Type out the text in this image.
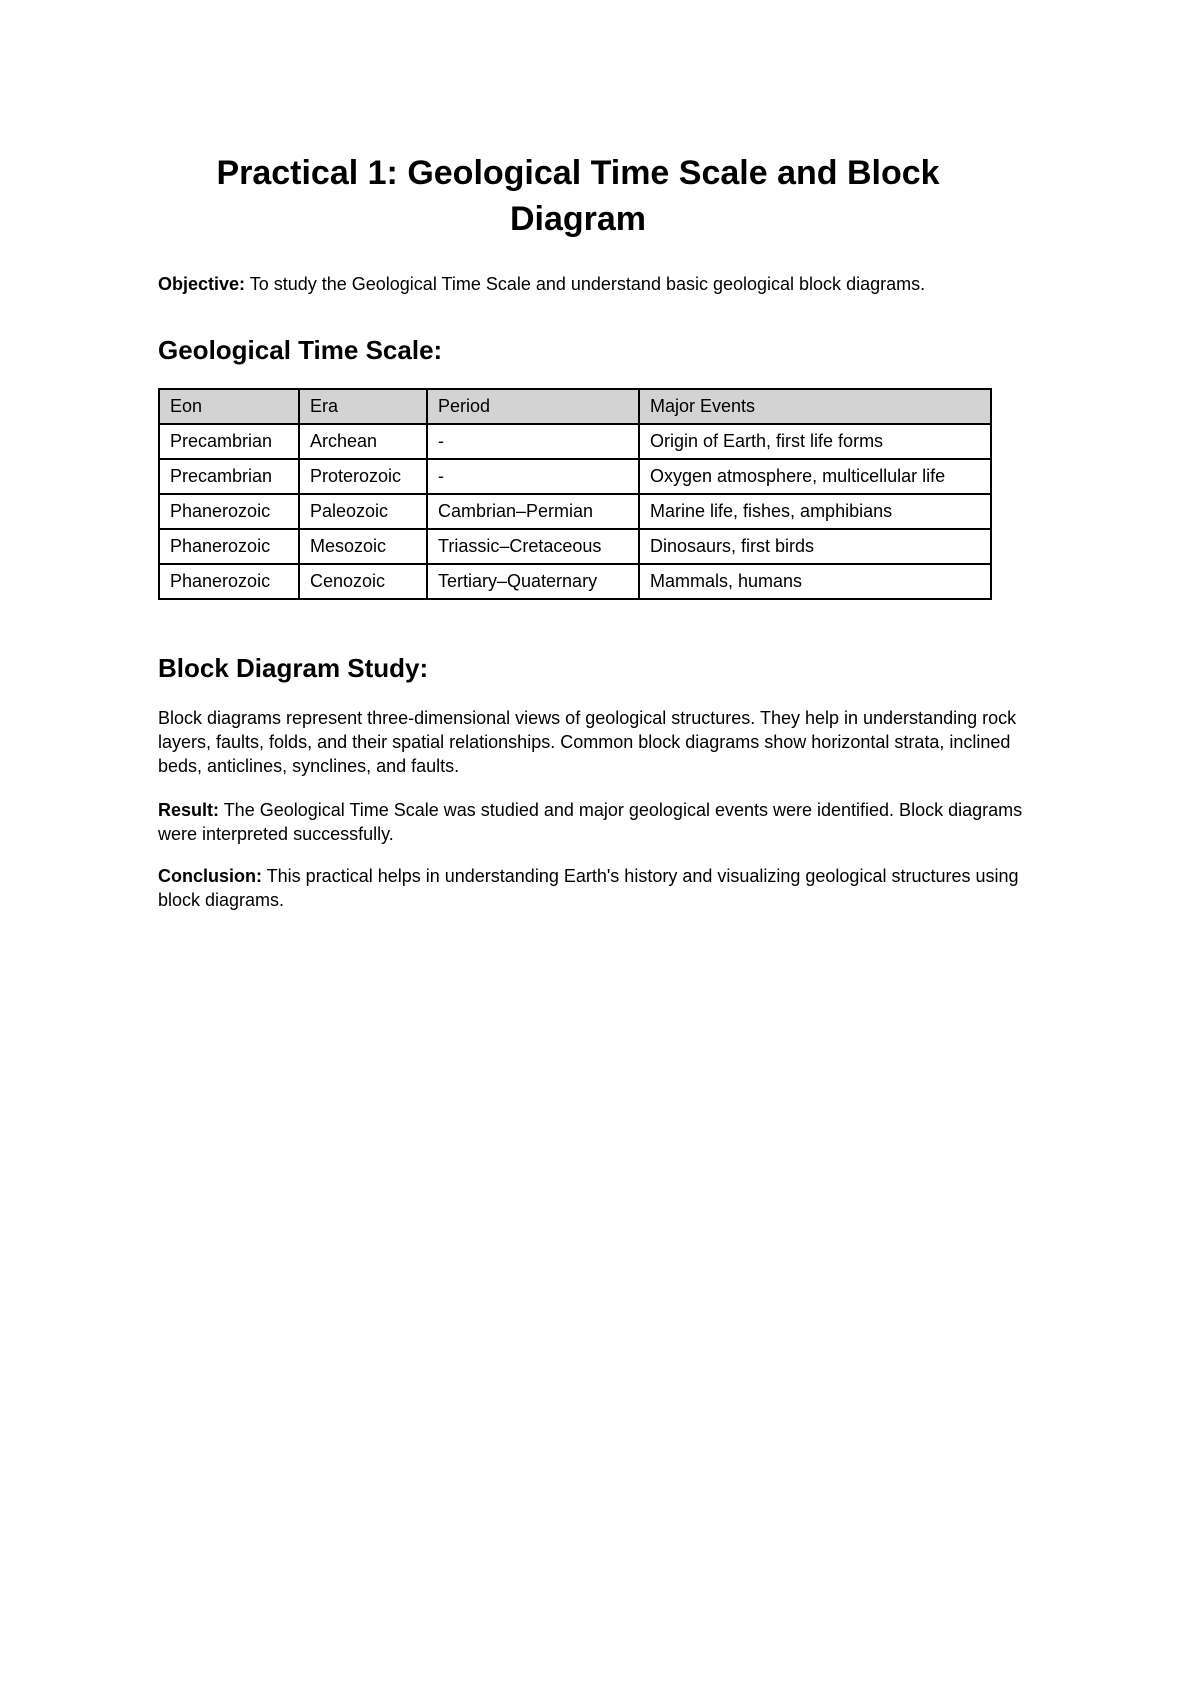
Practical 1: Geological Time Scale and Block Diagram

Objective: To study the Geological Time Scale and understand basic geological block diagrams.

Geological Time Scale:
Eon	Era	Period	Major Events
Precambrian	Archean	-	Origin of Earth, first life forms
Precambrian	Proterozoic	-	Oxygen atmosphere, multicellular life
Phanerozoic	Paleozoic	Cambrian–Permian	Marine life, fishes, amphibians
Phanerozoic	Mesozoic	Triassic–Cretaceous	Dinosaurs, first birds
Phanerozoic	Cenozoic	Tertiary–Quaternary	Mammals, humans
Block Diagram Study:

Block diagrams represent three-dimensional views of geological structures. They help in understanding rock layers, faults, folds, and their spatial relationships. Common block diagrams show horizontal strata, inclined beds, anticlines, synclines, and faults.

Result: The Geological Time Scale was studied and major geological events were identified. Block diagrams were interpreted successfully.

Conclusion: This practical helps in understanding Earth's history and visualizing geological structures using block diagrams.
